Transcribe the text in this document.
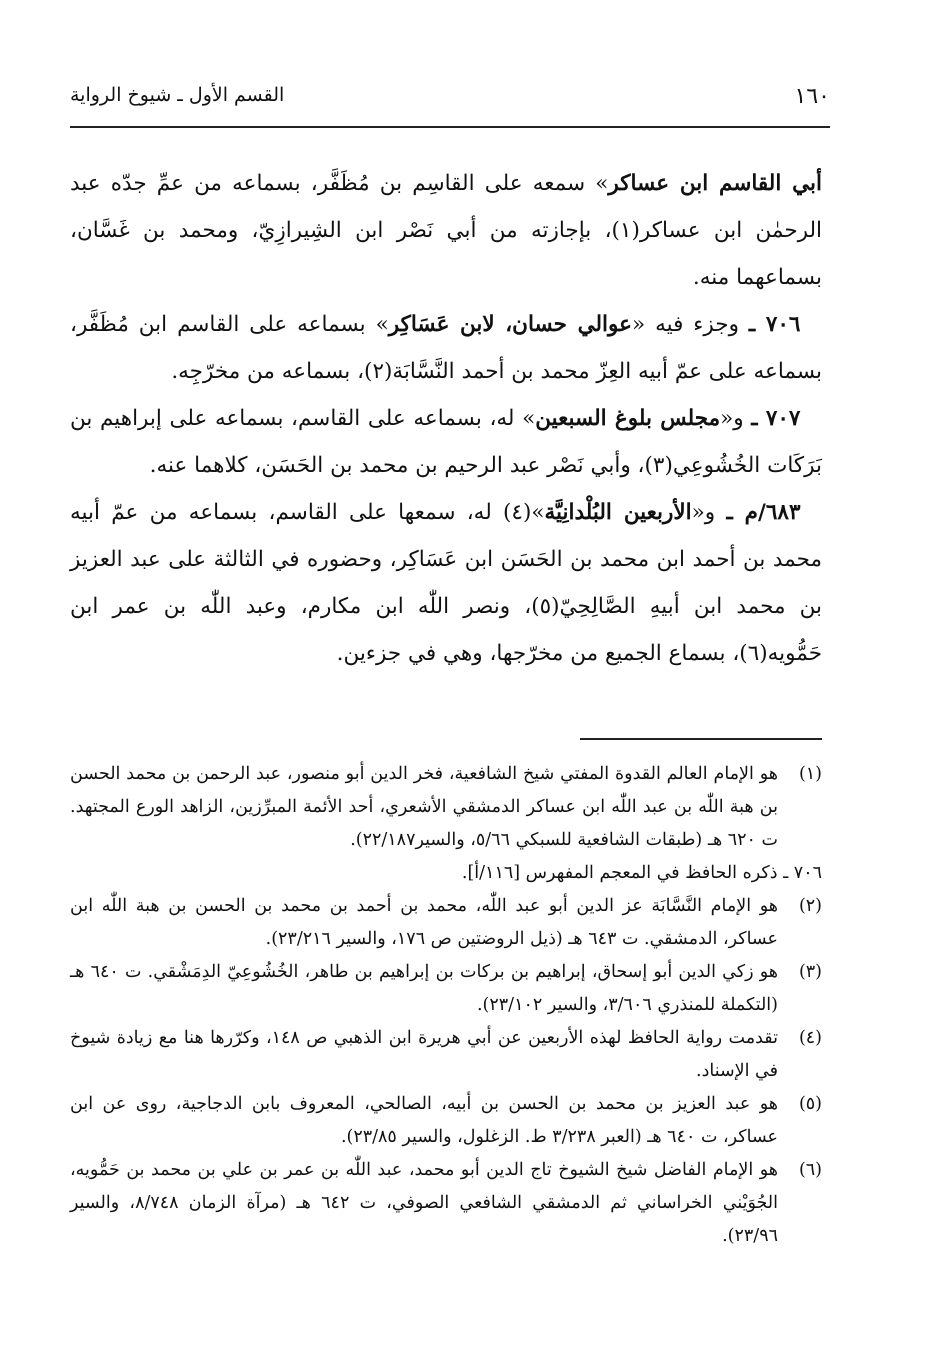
١٦٠
القسم الأول ـ شيوخ الرواية

أبي القاسم ابن عساكر» سمعه على القاسِم بن مُظَفَّر، بسماعه من عمِّ جدّه عبد الرحمٰن ابن عساكر(١)، بإجازته من أبي نَصْر ابن الشِيرازِيّ، ومحمد بن غَسَّان، بسماعهما منه.

 ٧٠٦ ـ وجزء فيه «عوالي حسان، لابن عَسَاكِر» بسماعه على القاسم ابن مُظَفَّر، بسماعه على عمّ أبيه العِزّ محمد بن أحمد النَّسَّابَة(٢)، بسماعه من مخرّجِه.

 ٧٠٧ ـ و«مجلس بلوغ السبعين» له، بسماعه على القاسم، بسماعه على إبراهيم بن بَرَكَات الخُشُوعِي(٣)، وأبي نَصْر عبد الرحيم بن محمد بن الحَسَن، كلاهما عنه.

 ٦٨٣/م ـ و«الأربعين البُلْدانِيَّة»(٤) له، سمعها على القاسم، بسماعه من عمّ أبيه محمد بن أحمد ابن محمد بن الحَسَن ابن عَسَاكِر، وحضوره في الثالثة على عبد العزيز بن محمد ابن أبيهِ الصَّالِحِيّ(٥)، ونصر اللّٰه ابن مكارم، وعبد اللّٰه بن عمر ابن حَمُّويه(٦)، بسماع الجميع من مخرّجها، وهي في جزءين.

(١)
هو الإمام العالم القدوة المفتي شيخ الشافعية، فخر الدين أبو منصور، عبد الرحمن بن محمد الحسن بن هبة اللّٰه بن عبد اللّٰه ابن عساكر الدمشقي الأشعري، أحد الأئمة المبرِّزين، الزاهد الورع المجتهد. ت ٦٢٠ هـ (طبقات الشافعية للسبكي ٥/٦٦، والسير٢٢/١٨٧).
٧٠٦ ـ ذكره الحافظ في المعجم المفهرس [١١٦/أ].
(٢)
هو الإمام النَّسَّابَة عز الدين أبو عبد اللّٰه، محمد بن أحمد بن محمد بن الحسن بن هبة اللّٰه ابن عساكر، الدمشقي. ت ٦٤٣ هـ (ذيل الروضتين ص ١٧٦، والسير ٢٣/٢١٦).
(٣)
هو زكي الدين أبو إسحاق، إبراهيم بن بركات بن إبراهيم بن طاهر، الخُشُوعِيّ الدِمَشْقي. ت ٦٤٠ هـ (التكملة للمنذري ٣/٦٠٦، والسير ٢٣/١٠٢).
(٤)
تقدمت رواية الحافظ لهذه الأربعين عن أبي هريرة ابن الذهبي ص ١٤٨، وكرّرها هنا مع زيادة شيوخ في الإسناد.
(٥)
هو عبد العزيز بن محمد بن الحسن بن أبيه، الصالحي، المعروف بابن الدجاجية، روى عن ابن عساكر، ت ٦٤٠ هـ (العبر ٣/٢٣٨ ط. الزغلول، والسير ٢٣/٨٥).
(٦)
هو الإمام الفاضل شيخ الشيوخ تاج الدين أبو محمد، عبد اللّٰه بن عمر بن علي بن محمد بن حَمُّويه، الجُوَيْني الخراساني ثم الدمشقي الشافعي الصوفي، ت ٦٤٢ هـ (مرآة الزمان ٨/٧٤٨، والسير ٢٣/٩٦).
